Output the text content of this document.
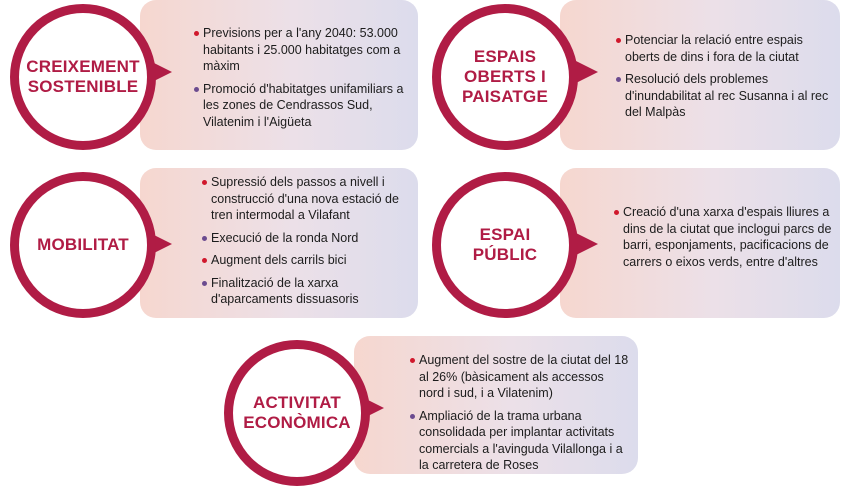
CREIXEMENT
SOSTENIBLE
Previsions per a l'any 2040: 53.000 habitants i 25.000 habitatges com a màxim
Promoció d'habitatges unifamiliars a les zones de Cendrassos Sud, Vilatenim i l'Aigüeta
ESPAIS
OBERTS I
PAISATGE
Potenciar la relació entre espais oberts de dins i fora de la ciutat
Resolució dels problemes d'inundabilitat al rec Susanna i al rec del Malpàs
MOBILITAT
Supressió dels passos a nivell i construcció d'una nova estació de tren intermodal a Vilafant
Execució de la ronda Nord
Augment dels carrils bici
Finalització de la xarxa d'aparcaments dissuasoris
ESPAI
PÚBLIC
Creació d'una xarxa d'espais lliures a dins de la ciutat que inclogui parcs de barri, esponjaments, pacificacions de carrers o eixos verds, entre d'altres
ACTIVITAT
ECONÒMICA
Augment del sostre de la ciutat del 18 al 26% (bàsicament als accessos nord i sud, i a Vilatenim)
Ampliació de la trama urbana consolidada per implantar activitats comercials a l'avinguda Vilallonga i a la carretera de Roses
